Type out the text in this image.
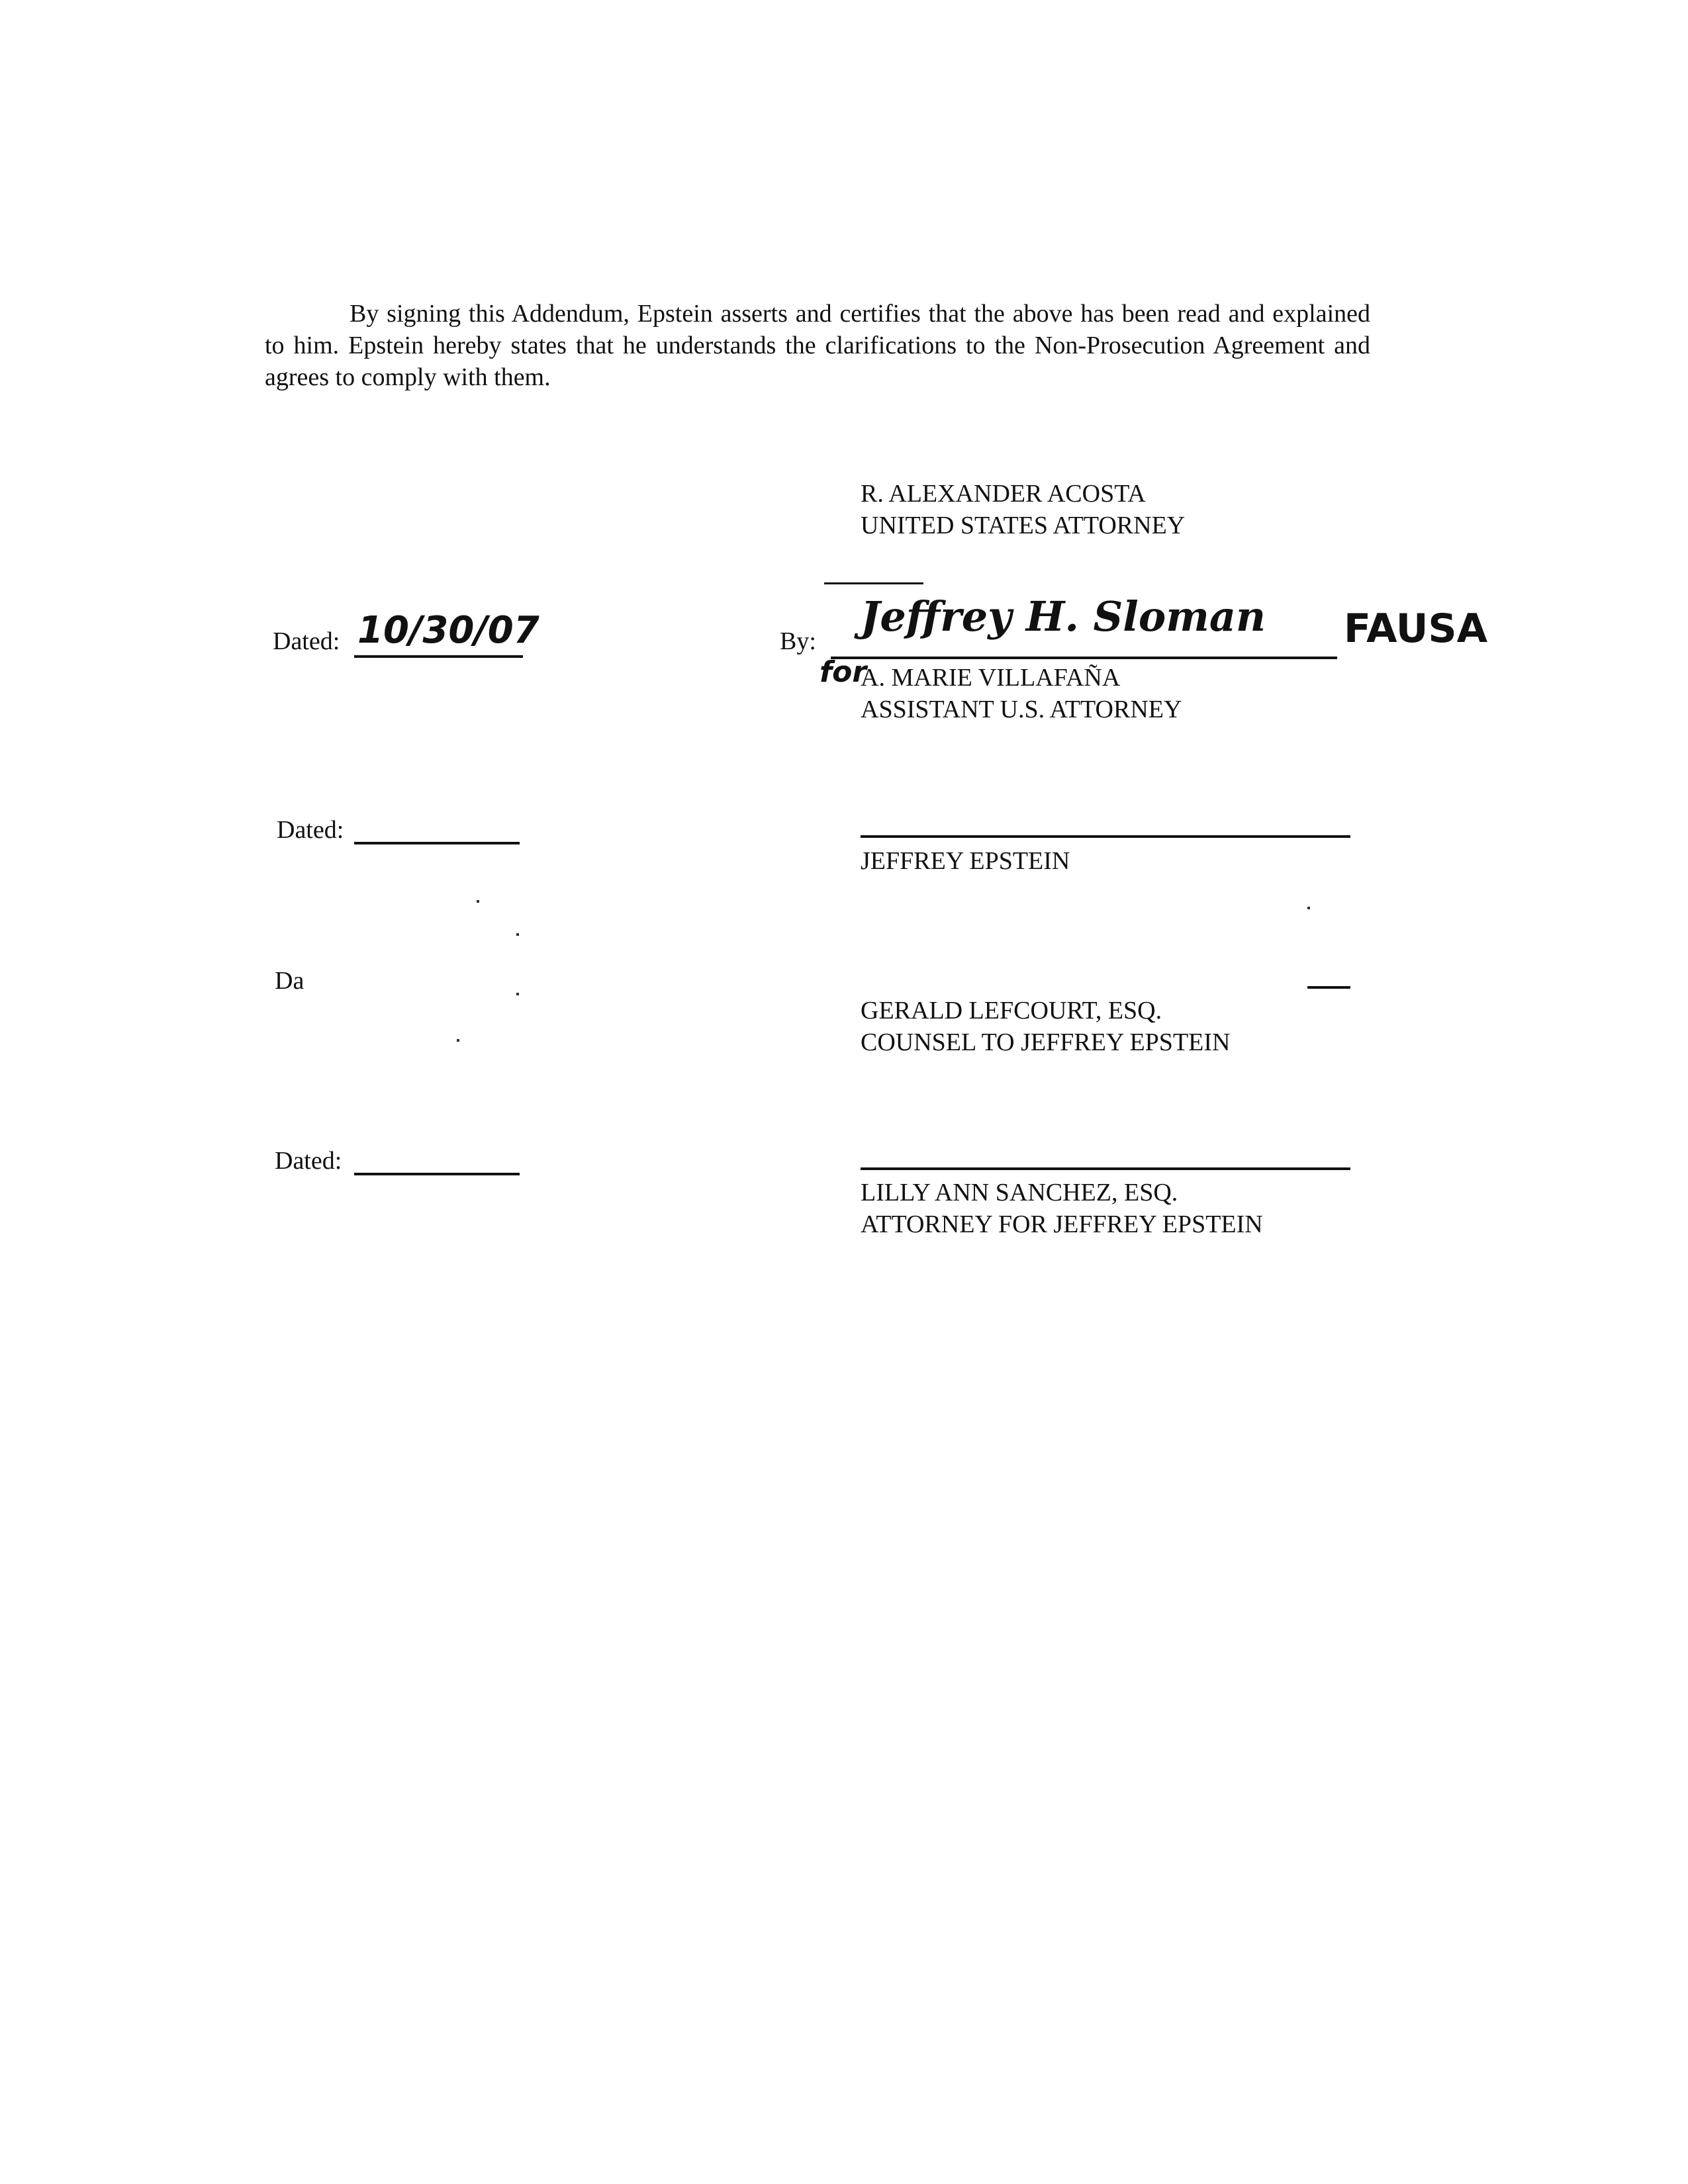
By signing this Addendum, Epstein asserts and certifies that the above has been read and explained to him. Epstein hereby states that he understands the clarifications to the Non-Prosecution Agreement and agrees to comply with them.
R. ALEXANDER ACOSTA
UNITED STATES ATTORNEY
Dated: 10/30/07	By:
Jeffrey H. Sloman FAUSA
for
A. MARIE VILLAFAÑA
ASSISTANT U.S. ATTORNEY
Dated:
JEFFREY EPSTEIN
Da
GERALD LEFCOURT, ESQ.
COUNSEL TO JEFFREY EPSTEIN
Dated:
LILLY ANN SANCHEZ, ESQ.
ATTORNEY FOR JEFFREY EPSTEIN
